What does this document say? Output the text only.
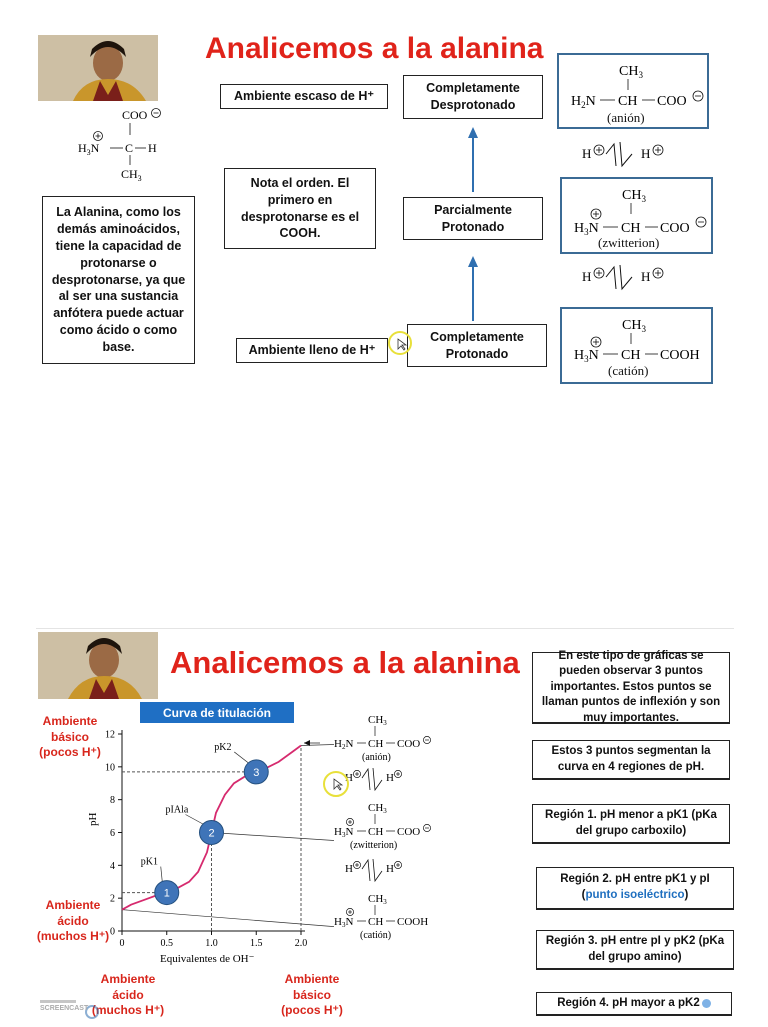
Analicemos a la alanina
COO
$H_3N$ C H
$CH_3$
La Alanina, como los demás aminoácidos, tiene la capacidad de protonarse o desprotonarse, ya que al ser una sustancia anfótera puede actuar como ácido o como base.
Ambiente escaso de H⁺
Nota el orden. El primero en desprotonarse es el COOH.
Ambiente lleno de H⁺
Completamente Desprotonado
Parcialmente Protonado
Completamente Protonado
$CH_3$
$H_2N$ CH COO
(anión)
H	H
$CH_3$
$H_3N$ CH COO
(zwitterion)
H	H
$CH_3$
$H_3N$ CH COOH
(catión)
Analicemos a la alanina
Curva de titulación
Ambiente básico (pocos H⁺)
Ambiente ácido (muchos H⁺)
Ambiente ácido (muchos H⁺)
Ambiente básico (pocos H⁺)
0	0.5	1.0	1.5	2.0
0
2
4
6
8
10
12
pK1
1
pIAla
2
pK2
3
pH
Equivalentes de OH⁻
CH3
H2N CH COO
(anión)
H	H
CH3
H3N CH COO
(zwitterion)
H	H
CH3
H3N CH COOH
(catión)
En este tipo de gráficas se pueden observar 3 puntos importantes. Estos puntos se llaman puntos de inflexión y son muy importantes.
Estos 3 puntos segmentan la curva en 4 regiones de pH.
Región 1. pH menor a pK1 (pKa del grupo carboxilo)
Región 2. pH entre pK1 y pI
(punto isoeléctrico)
Región 3. pH entre pI y pK2 (pKa del grupo amino)
Región 4. pH mayor a pK2
SCREENCAST
